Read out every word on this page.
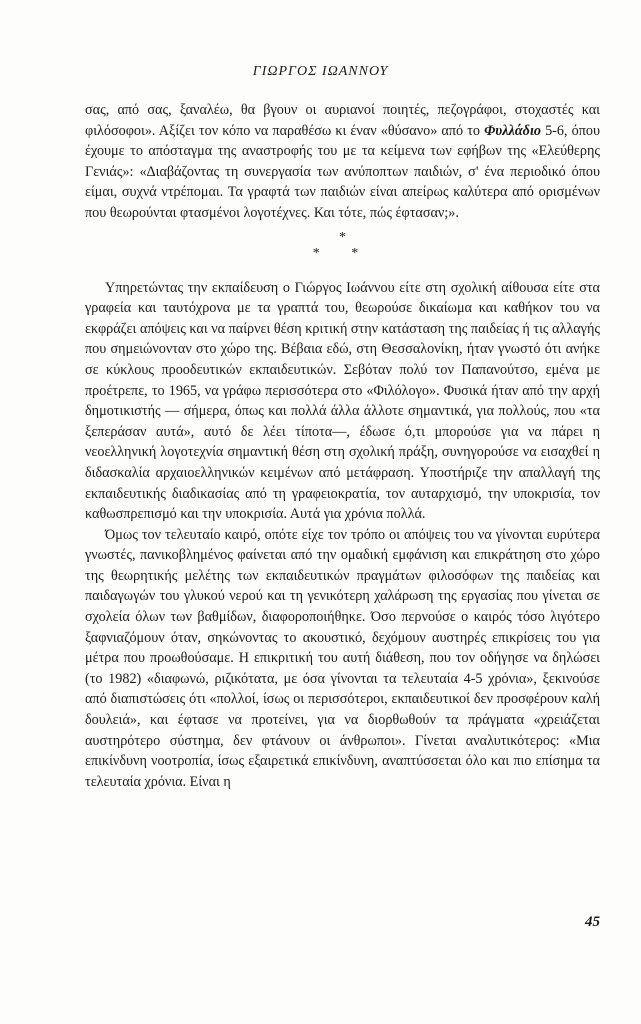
ΓΙΩΡΓΟΣ ΙΩΑΝΝΟΥ

σας, από σας, ξαναλέω, θα βγουν οι αυριανοί ποιητές, πεζογράφοι, στοχαστές και φιλόσοφοι». Αξίζει τον κόπο να παραθέσω κι έναν «θύσανο» από το Φυλλάδιο 5-6, όπου έχουμε το απόσταγμα της αναστροφής του με τα κείμενα των εφήβων της «Ελεύθερης Γενιάς»: «Διαβάζοντας τη συνεργασία των ανύποπτων παιδιών, σ' ένα περιοδικό όπου είμαι, συχνά ντρέπομαι. Τα γραφτά των παιδιών είναι απείρως καλύτερα από ορισμένων που θεωρούνται φτασμένοι λογοτέχνες. Και τότε, πώς έφτασαν;».

*
* *

Υπηρετώντας την εκπαίδευση ο Γιώργος Ιωάννου είτε στη σχολική αίθουσα είτε στα γραφεία και ταυτόχρονα με τα γραπτά του, θεωρούσε δικαίωμα και καθήκον του να εκφράζει απόψεις και να παίρνει θέση κριτική στην κατάσταση της παιδείας ή τις αλλαγής που σημειώνονταν στο χώρο της. Βέβαια εδώ, στη Θεσσαλονίκη, ήταν γνωστό ότι ανήκε σε κύκλους προοδευτικών εκπαιδευτικών. Σεβόταν πολύ τον Παπανούτσο, εμένα με προέτρεπε, το 1965, να γράφω περισσότερα στο «Φιλόλογο». Φυσικά ήταν από την αρχή δημοτικιστής — σήμερα, όπως και πολλά άλλα άλλοτε σημαντικά, για πολλούς, που «τα ξεπεράσαν αυτά», αυτό δε λέει τίποτα—, έδωσε ό,τι μπορούσε για να πάρει η νεοελληνική λογοτεχνία σημαντική θέση στη σχολική πράξη, συνηγορούσε να εισαχθεί η διδασκαλία αρχαιοελληνικών κειμένων από μετάφραση. Υποστήριζε την απαλλαγή της εκπαιδευτικής διαδικασίας από τη γραφειοκρατία, τον αυταρχισμό, την υποκρισία, τον καθωσπρεπισμό και την υποκρισία. Αυτά για χρόνια πολλά.

Όμως τον τελευταίο καιρό, οπότε είχε τον τρόπο οι απόψεις του να γίνονται ευρύτερα γνωστές, πανικοβλημένος φαίνεται από την ομαδική εμφάνιση και επικράτηση στο χώρο της θεωρητικής μελέτης των εκπαιδευτικών πραγμάτων φιλοσόφων της παιδείας και παιδαγωγών του γλυκού νερού και τη γενικότερη χαλάρωση της εργασίας που γίνεται σε σχολεία όλων των βαθμίδων, διαφοροποιήθηκε. Όσο περνούσε ο καιρός τόσο λιγότερο ξαφνιαζόμουν όταν, σηκώνοντας το ακουστικό, δεχόμουν αυστηρές επικρίσεις του για μέτρα που προωθούσαμε. Η επικριτική του αυτή διάθεση, που τον οδήγησε να δηλώσει (το 1982) «διαφωνώ, ριζικότατα, με όσα γίνονται τα τελευταία 4-5 χρόνια», ξεκινούσε από διαπιστώσεις ότι «πολλοί, ίσως οι περισσότεροι, εκπαιδευτικοί δεν προσφέρουν καλή δουλειά», και έφτασε να προτείνει, για να διορθωθούν τα πράγματα «χρειάζεται αυστηρότερο σύστημα, δεν φτάνουν οι άνθρωποι». Γίνεται αναλυτικότερος: «Μια επικίνδυνη νοοτροπία, ίσως εξαιρετικά επικίνδυνη, αναπτύσσεται όλο και πιο επίσημα τα τελευταία χρόνια. Είναι η

45
